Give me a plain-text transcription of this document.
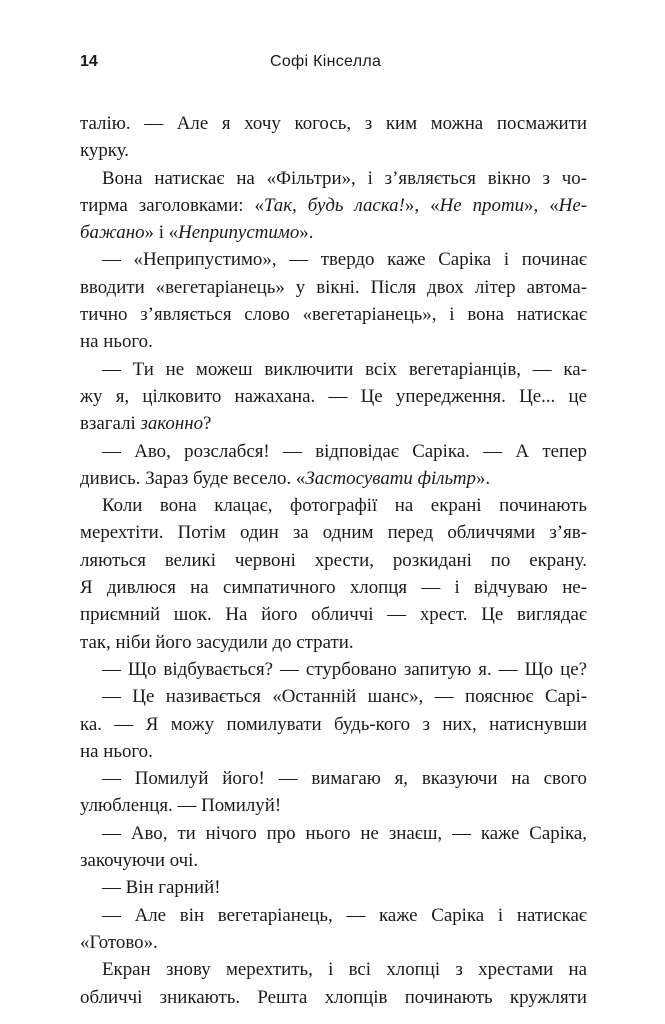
14	Софі Кінселла
талію. — Але я хочу когось, з ким можна посмажити
курку.
Вона натискає на «Фільтри», і з’являється вікно з чо-
тирма заголовками: «Так, будь ласка!», «Не проти», «Не-
бажано» і «Неприпустимо».
— «Неприпустимо», — твердо каже Саріка і починає
вводити «вегетаріанець» у вікні. Після двох літер автома-
тично з’являється слово «вегетаріанець», і вона натискає
на нього.
— Ти не можеш виключити всіх вегетаріанців, — ка-
жу я, цілковито нажахана. — Це упередження. Це... це
взагалі законно?
— Аво, розслабся! — відповідає Саріка. — А тепер
дивись. Зараз буде весело. «Застосувати фільтр».
Коли вона клацає, фотографії на екрані починають
мерехтіти. Потім один за одним перед обличчями з’яв-
ляються великі червоні хрести, розкидані по екрану.
Я дивлюся на симпатичного хлопця — і відчуваю не-
приємний шок. На його обличчі — хрест. Це виглядає
так, ніби його засудили до страти.
— Що відбувається? — стурбовано запитую я. — Що це?
— Це називається «Останній шанс», — пояснює Сарі-
ка. — Я можу помилувати будь-кого з них, натиснувши
на нього.
— Помилуй його! — вимагаю я, вказуючи на свого
улюбленця. — Помилуй!
— Аво, ти нічого про нього не знаєш, — каже Саріка,
закочуючи очі.
— Він гарний!
— Але він вегетаріанець, — каже Саріка і натискає
«Готово».
Екран знову мерехтить, і всі хлопці з хрестами на
обличчі зникають. Решта хлопців починають кружляти
